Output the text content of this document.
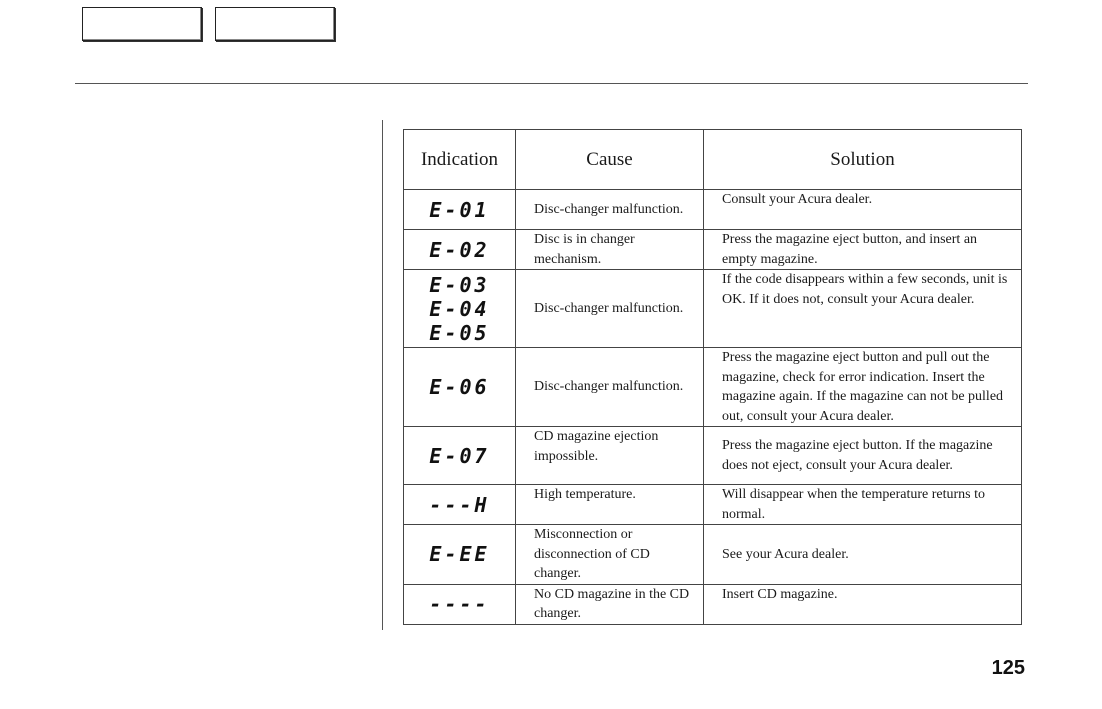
Indication	Cause	Solution

E-01	Disc-changer malfunction.	Consult your Acura dealer.

E-02	Disc is in changer mechanism.	Press the magazine eject button, and insert an empty magazine.

E-03
E-04
E-05	Disc-changer malfunction.	If the code disappears within a few seconds, unit is OK. If it does not, consult your Acura dealer.

E-06	Disc-changer malfunction.	Press the magazine eject button and pull out the magazine, check for error indication. Insert the magazine again. If the magazine can not be pulled out, consult your Acura dealer.

E-07	CD magazine ejection impossible.	Press the magazine eject button. If the magazine does not eject, consult your Acura dealer.

---H	High temperature.	Will disappear when the temperature returns to normal.

E-EE	Misconnection or disconnection of CD changer.	See your Acura dealer.

----	No CD magazine in the CD changer.	Insert CD magazine.
125
